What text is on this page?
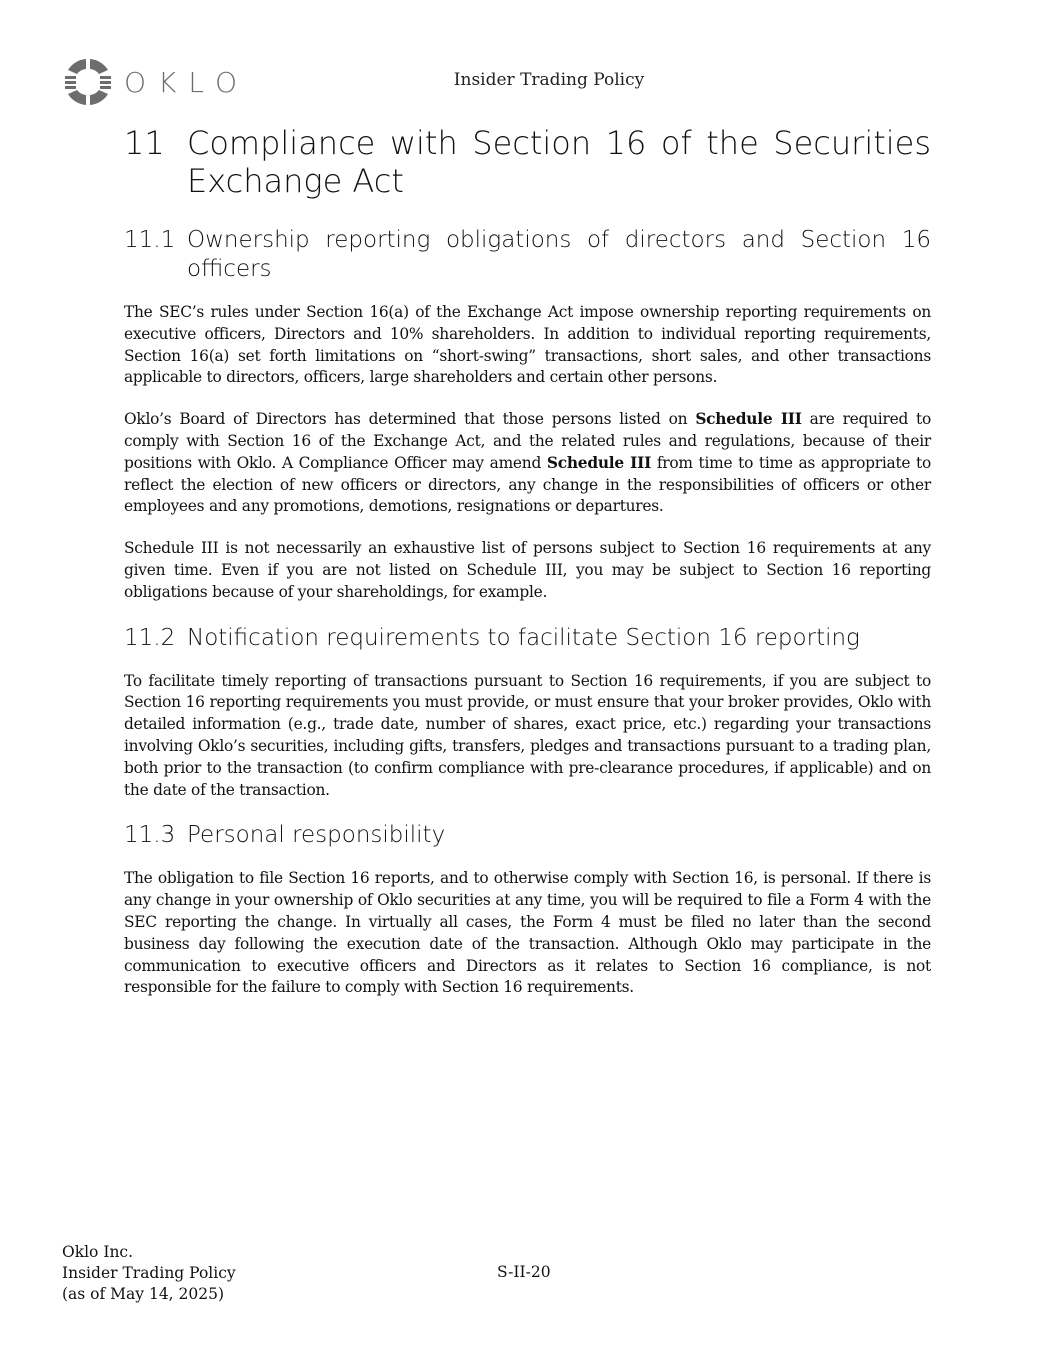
OKLO	Insider Trading Policy
11 Compliance with Section 16 of the Securities Exchange Act
11.1 Ownership reporting obligations of directors and Section 16 officers

The SEC’s rules under Section 16(a) of the Exchange Act impose ownership reporting requirements on executive officers, Directors and 10% shareholders. In addition to individual reporting requirements, Section 16(a) set forth limitations on “short-swing” transactions, short sales, and other transactions applicable to directors, officers, large shareholders and certain other persons.

Oklo’s Board of Directors has determined that those persons listed on Schedule III are required to comply with Section 16 of the Exchange Act, and the related rules and regulations, because of their positions with Oklo. A Compliance Officer may amend Schedule III from time to time as appropriate to reflect the election of new officers or directors, any change in the responsibilities of officers or other employees and any promotions, demotions, resignations or departures.

Schedule III is not necessarily an exhaustive list of persons subject to Section 16 requirements at any given time. Even if you are not listed on Schedule III, you may be subject to Section 16 reporting obligations because of your shareholdings, for example.

11.2 Notification requirements to facilitate Section 16 reporting

To facilitate timely reporting of transactions pursuant to Section 16 requirements, if you are subject to Section 16 reporting requirements you must provide, or must ensure that your broker provides, Oklo with detailed information (e.g., trade date, number of shares, exact price, etc.) regarding your transactions involving Oklo’s securities, including gifts, transfers, pledges and transactions pursuant to a trading plan, both prior to the transaction (to confirm compliance with pre-clearance procedures, if applicable) and on the date of the transaction.

11.3 Personal responsibility

The obligation to file Section 16 reports, and to otherwise comply with Section 16, is personal. If there is any change in your ownership of Oklo securities at any time, you will be required to file a Form 4 with the SEC reporting the change. In virtually all cases, the Form 4 must be filed no later than the second business day following the execution date of the transaction. Although Oklo may participate in the communication to executive officers and Directors as it relates to Section 16 compliance, is not responsible for the failure to comply with Section 16 requirements.

Oklo Inc.
Insider Trading Policy
(as of May 14, 2025)
S-II-20
